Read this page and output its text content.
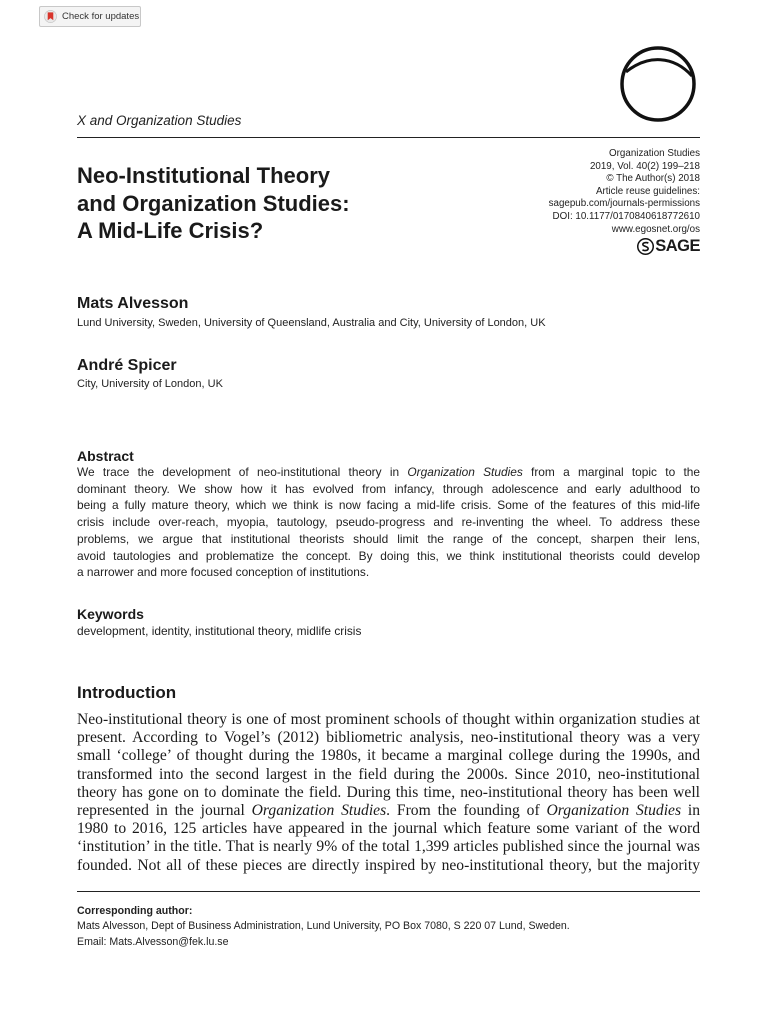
Check for updates
X and Organization Studies
Neo-Institutional Theory
and Organization Studies:
A Mid-Life Crisis?
Organization Studies
2019, Vol. 40(2) 199–218
© The Author(s) 2018
Article reuse guidelines:
sagepub.com/journals-permissions
DOI: 10.1177/0170840618772610
www.egosnet.org/os
SAGE
Mats Alvesson
Lund University, Sweden, University of Queensland, Australia and City, University of London, UK
André Spicer
City, University of London, UK
Abstract
We trace the development of neo-institutional theory in Organization Studies from a marginal topic to the
dominant theory. We show how it has evolved from infancy, through adolescence and early adulthood to
being a fully mature theory, which we think is now facing a mid-life crisis. Some of the features of this mid-life
crisis include over-reach, myopia, tautology, pseudo-progress and re-inventing the wheel. To address these
problems, we argue that institutional theorists should limit the range of the concept, sharpen their lens,
avoid tautologies and problematize the concept. By doing this, we think institutional theorists could develop
a narrower and more focused conception of institutions.
Keywords
development, identity, institutional theory, midlife crisis
Introduction
Neo-institutional theory is one of most prominent schools of thought within organization studies at
present. According to Vogel’s (2012) bibliometric analysis, neo-institutional theory was a very
small ‘college’ of thought during the 1980s, it became a marginal college during the 1990s, and
transformed into the second largest in the field during the 2000s. Since 2010, neo-institutional
theory has gone on to dominate the field. During this time, neo-institutional theory has been well
represented in the journal Organization Studies. From the founding of Organization Studies in
1980 to 2016, 125 articles have appeared in the journal which feature some variant of the word
‘institution’ in the title. That is nearly 9% of the total 1,399 articles published since the journal was
founded. Not all of these pieces are directly inspired by neo-institutional theory, but the majority
Corresponding author:
Mats Alvesson, Dept of Business Administration, Lund University, PO Box 7080, S 220 07 Lund, Sweden.
Email: Mats.Alvesson@fek.lu.se
